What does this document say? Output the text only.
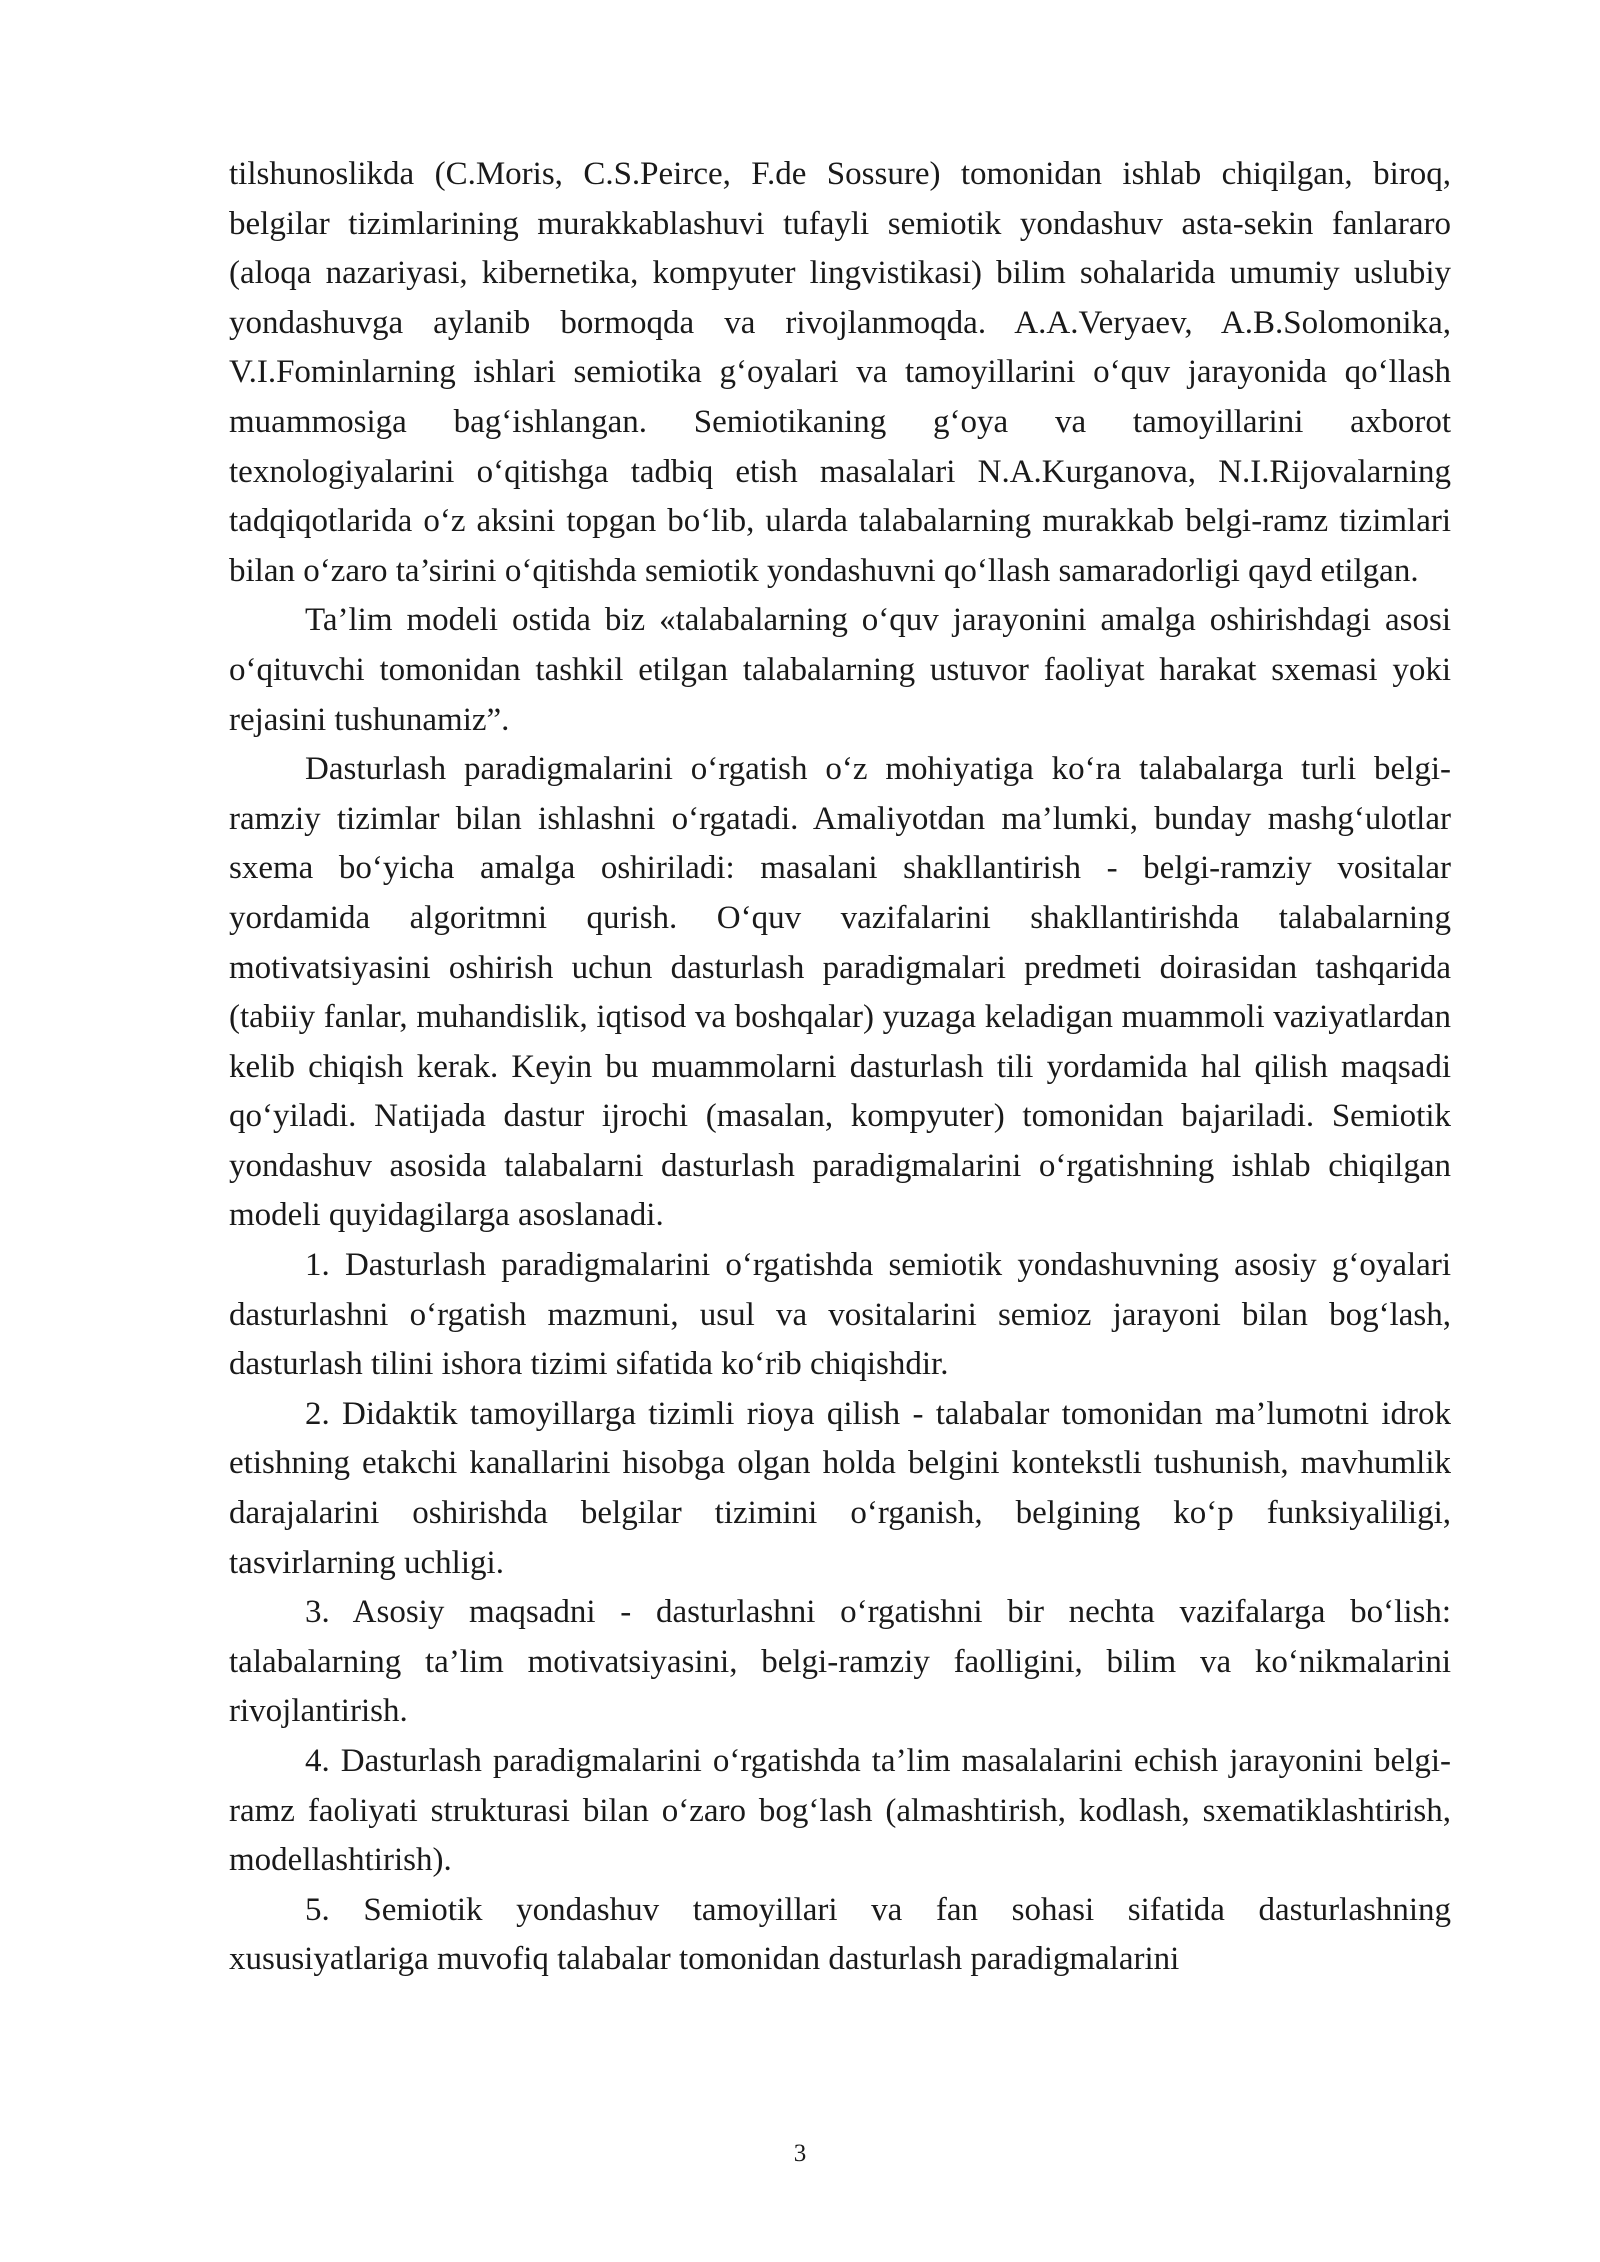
tilshunoslikda (C.Moris, C.S.Peirce, F.de Sossure) tomonidan ishlab chiqilgan, biroq, belgilar tizimlarining murakkablashuvi tufayli semiotik yondashuv asta-sekin fanlararo (aloqa nazariyasi, kibernetika, kompyuter lingvistikasi) bilim sohalarida umumiy uslubiy yondashuvga aylanib bormoqda va rivojlanmoqda. A.A.Veryaev, A.B.Solomonika, V.I.Fominlarning ishlari semiotika g‘oyalari va tamoyillarini o‘quv jarayonida qo‘llash muammosiga bag‘ishlangan. Semiotikaning g‘oya va tamoyillarini axborot texnologiyalarini o‘qitishga tadbiq etish masalalari N.A.Kurganova, N.I.Rijovalarning tadqiqotlarida o‘z aksini topgan bo‘lib, ularda talabalarning murakkab belgi-ramz tizimlari bilan o‘zaro ta’sirini o‘qitishda semiotik yondashuvni qo‘llash samaradorligi qayd etilgan.

Ta’lim modeli ostida biz «talabalarning o‘quv jarayonini amalga oshirishdagi asosi o‘qituvchi tomonidan tashkil etilgan talabalarning ustuvor faoliyat harakat sxemasi yoki rejasini tushunamiz”.

Dasturlash paradigmalarini o‘rgatish o‘z mohiyatiga ko‘ra talabalarga turli belgi-ramziy tizimlar bilan ishlashni o‘rgatadi. Amaliyotdan ma’lumki, bunday mashg‘ulotlar sxema bo‘yicha amalga oshiriladi: masalani shakllantirish - belgi-ramziy vositalar yordamida algoritmni qurish. O‘quv vazifalarini shakllantirishda talabalarning motivatsiyasini oshirish uchun dasturlash paradigmalari predmeti doirasidan tashqarida (tabiiy fanlar, muhandislik, iqtisod va boshqalar) yuzaga keladigan muammoli vaziyatlardan kelib chiqish kerak. Keyin bu muammolarni dasturlash tili yordamida hal qilish maqsadi qo‘yiladi. Natijada dastur ijrochi (masalan, kompyuter) tomonidan bajariladi. Semiotik yondashuv asosida talabalarni dasturlash paradigmalarini o‘rgatishning ishlab chiqilgan modeli quyidagilarga asoslanadi.

1. Dasturlash paradigmalarini o‘rgatishda semiotik yondashuvning asosiy g‘oyalari dasturlashni o‘rgatish mazmuni, usul va vositalarini semioz jarayoni bilan bog‘lash, dasturlash tilini ishora tizimi sifatida ko‘rib chiqishdir.

2. Didaktik tamoyillarga tizimli rioya qilish - talabalar tomonidan ma’lumotni idrok etishning etakchi kanallarini hisobga olgan holda belgini kontekstli tushunish, mavhumlik darajalarini oshirishda belgilar tizimini o‘rganish, belgining ko‘p funksiyaliligi, tasvirlarning uchligi.

3. Asosiy maqsadni - dasturlashni o‘rgatishni bir nechta vazifalarga bo‘lish: talabalarning ta’lim motivatsiyasini, belgi-ramziy faolligini, bilim va ko‘nikmalarini rivojlantirish.

4. Dasturlash paradigmalarini o‘rgatishda ta’lim masalalarini echish jarayonini belgi-ramz faoliyati strukturasi bilan o‘zaro bog‘lash (almashtirish, kodlash, sxematiklashtirish, modellashtirish).

5. Semiotik yondashuv tamoyillari va fan sohasi sifatida dasturlashning xususiyatlariga muvofiq talabalar tomonidan dasturlash paradigmalarini

3
